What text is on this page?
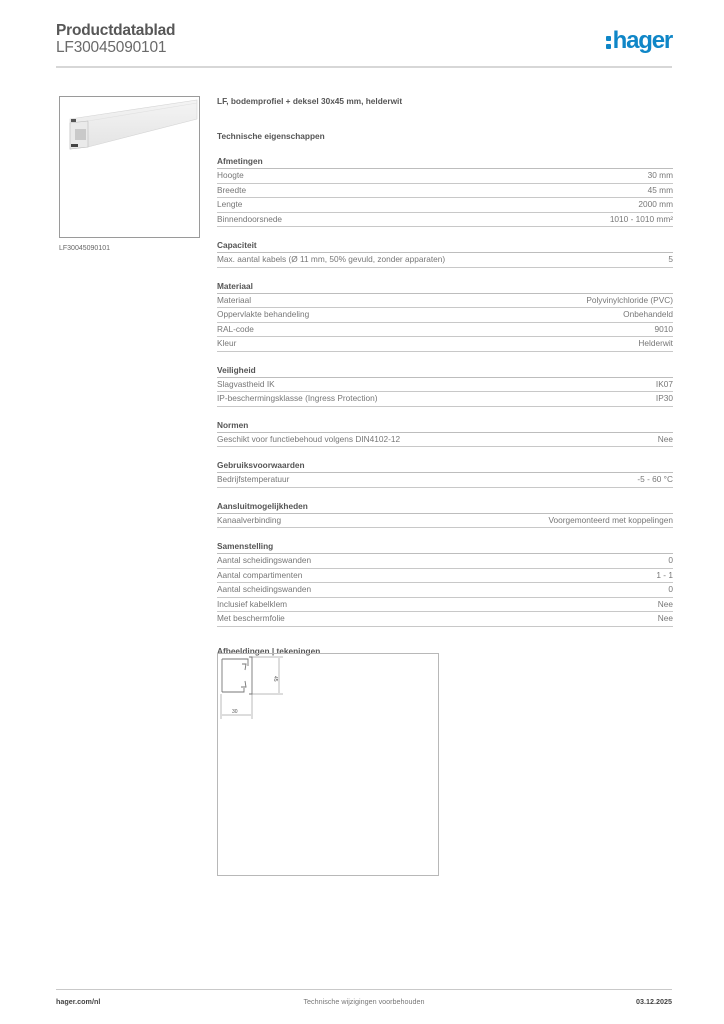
Productdatablad
LF30045090101	hager
LF30045090101
LF, bodemprofiel + deksel 30x45 mm, helderwit
Technische eigenschappen
Afmetingen
Hoogte	30 mm
Breedte	45 mm
Lengte	2000 mm
Binnendoorsnede	1010 - 1010 mm²
Capaciteit
Max. aantal kabels (Ø 11 mm, 50% gevuld, zonder apparaten)	5
Materiaal
Materiaal	Polyvinylchloride (PVC)
Oppervlakte behandeling	Onbehandeld
RAL-code	9010
Kleur	Helderwit
Veiligheid
Slagvastheid IK	IK07
IP-beschermingsklasse (Ingress Protection)	IP30
Normen
Geschikt voor functiebehoud volgens DIN4102-12	Nee
Gebruiksvoorwaarden
Bedrijfstemperatuur	-5 - 60 °C
Aansluitmogelijkheden
Kanaalverbinding	Voorgemonteerd met koppelingen
Samenstelling
Aantal scheidingswanden	0
Aantal compartimenten	1 - 1
Aantal scheidingswanden	0
Inclusief kabelklem	Nee
Met beschermfolie	Nee
Afbeeldingen | tekeningen
45
30
hager.com/nl	Technische wijzigingen voorbehouden	03.12.2025
